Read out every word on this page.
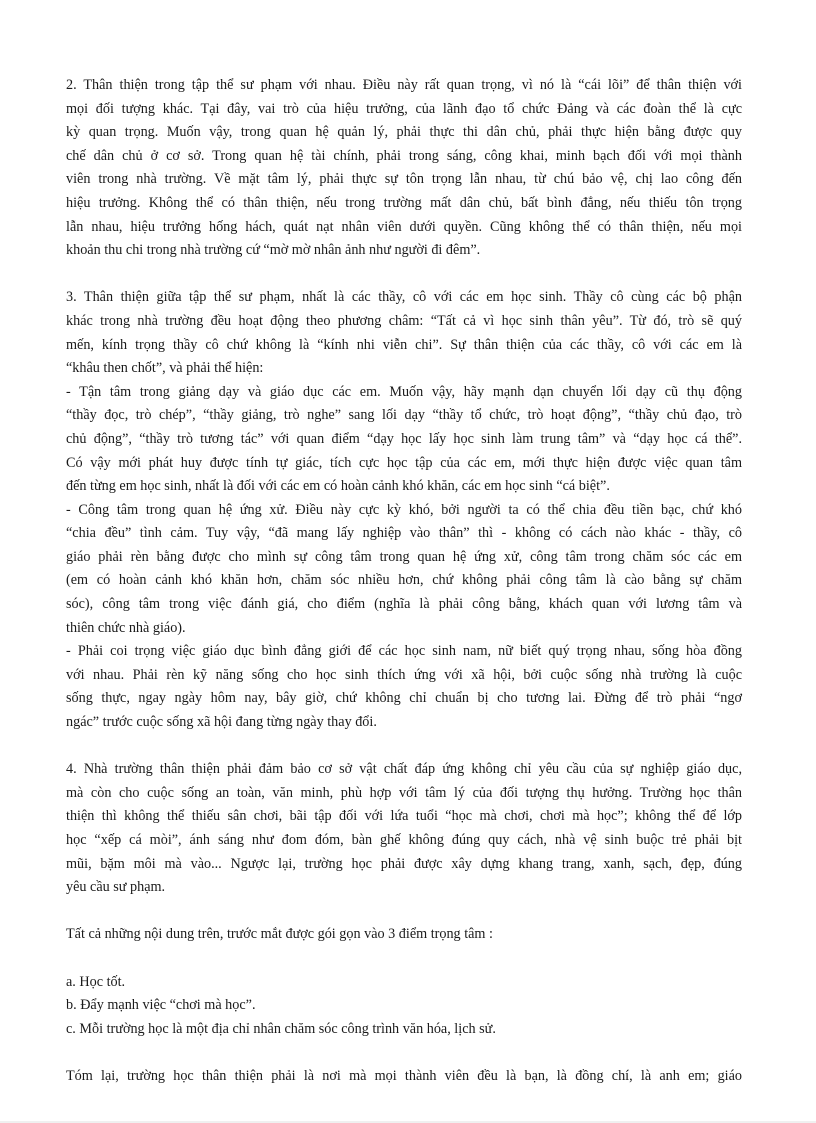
2. Thân thiện trong tập thể sư phạm với nhau. Điều này rất quan trọng, vì nó là “cái lõi” để thân thiện với
mọi đối tượng khác. Tại đây, vai trò của hiệu trưởng, của lãnh đạo tổ chức Đảng và các đoàn thể là cực
kỳ quan trọng. Muốn vậy, trong quan hệ quản lý, phải thực thi dân chủ, phải thực hiện bằng được quy
chế dân chủ ở cơ sở. Trong quan hệ tài chính, phải trong sáng, công khai, minh bạch đối với mọi thành
viên trong nhà trường. Về mặt tâm lý, phải thực sự tôn trọng lẫn nhau, từ chú bảo vệ, chị lao công đến
hiệu trưởng. Không thể có thân thiện, nếu trong trường mất dân chủ, bất bình đẳng, nếu thiếu tôn trọng
lẫn nhau, hiệu trưởng hống hách, quát nạt nhân viên dưới quyền. Cũng không thể có thân thiện, nếu mọi
khoản thu chi trong nhà trường cứ “mờ mờ nhân ảnh như người đi đêm”.
3. Thân thiện giữa tập thể sư phạm, nhất là các thầy, cô với các em học sinh. Thầy cô cùng các bộ phận
khác trong nhà trường đều hoạt động theo phương châm: “Tất cả vì học sinh thân yêu”. Từ đó, trò sẽ quý
mến, kính trọng thầy cô chứ không là “kính nhi viễn chi”. Sự thân thiện của các thầy, cô với các em là
“khâu then chốt”, và phải thể hiện:
- Tận tâm trong giảng dạy và giáo dục các em. Muốn vậy, hãy mạnh dạn chuyển lối dạy cũ thụ động
“thầy đọc, trò chép”, “thầy giảng, trò nghe” sang lối dạy “thầy tổ chức, trò hoạt động”, “thầy chủ đạo, trò
chủ động”, “thầy trò tương tác” với quan điểm “dạy học lấy học sinh làm trung tâm” và “dạy học cá thể”.
Có vậy mới phát huy được tính tự giác, tích cực học tập của các em, mới thực hiện được việc quan tâm
đến từng em học sinh, nhất là đối với các em có hoàn cảnh khó khăn, các em học sinh “cá biệt”.
- Công tâm trong quan hệ ứng xử. Điều này cực kỳ khó, bởi người ta có thể chia đều tiền bạc, chứ khó
“chia đều” tình cảm. Tuy vậy, “đã mang lấy nghiệp vào thân” thì - không có cách nào khác - thầy, cô
giáo phải rèn bằng được cho mình sự công tâm trong quan hệ ứng xử, công tâm trong chăm sóc các em
(em có hoàn cảnh khó khăn hơn, chăm sóc nhiều hơn, chứ không phải công tâm là cào bằng sự chăm
sóc), công tâm trong việc đánh giá, cho điểm (nghĩa là phải công bằng, khách quan với lương tâm và
thiên chức nhà giáo).
- Phải coi trọng việc giáo dục bình đẳng giới để các học sinh nam, nữ biết quý trọng nhau, sống hòa đồng
với nhau. Phải rèn kỹ năng sống cho học sinh thích ứng với xã hội, bởi cuộc sống nhà trường là cuộc
sống thực, ngay ngày hôm nay, bây giờ, chứ không chỉ chuẩn bị cho tương lai. Đừng để trò phải “ngơ
ngác” trước cuộc sống xã hội đang từng ngày thay đổi.
4. Nhà trường thân thiện phải đảm bảo cơ sở vật chất đáp ứng không chỉ yêu cầu của sự nghiệp giáo dục,
mà còn cho cuộc sống an toàn, văn minh, phù hợp với tâm lý của đối tượng thụ hưởng. Trường học thân
thiện thì không thể thiếu sân chơi, bãi tập đối với lứa tuổi “học mà chơi, chơi mà học”; không thể để lớp
học “xếp cá mòi”, ánh sáng như đom đóm, bàn ghế không đúng quy cách, nhà vệ sinh buộc trẻ phải bịt
mũi, bặm môi mà vào... Ngược lại, trường học phải được xây dựng khang trang, xanh, sạch, đẹp, đúng
yêu cầu sư phạm.
Tất cả những nội dung trên, trước mắt được gói gọn vào 3 điểm trọng tâm :
a. Học tốt.
b. Đẩy mạnh việc “chơi mà học”.
c. Mỗi trường học là một địa chỉ nhân chăm sóc công trình văn hóa, lịch sử.
Tóm lại, trường học thân thiện phải là nơi mà mọi thành viên đều là bạn, là đồng chí, là anh em; giáo
